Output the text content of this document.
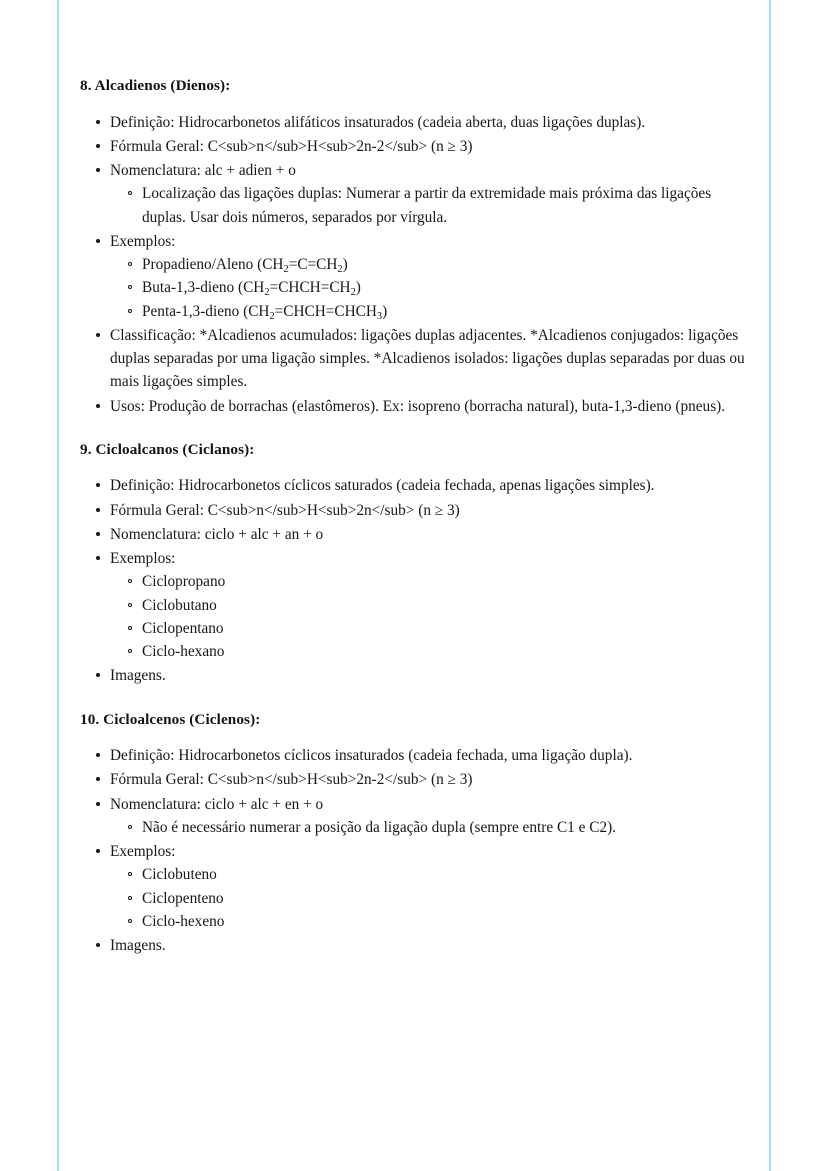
8. Alcadienos (Dienos):
Definição: Hidrocarbonetos alifáticos insaturados (cadeia aberta, duas ligações duplas).
Fórmula Geral: C<sub>n</sub>H<sub>2n-2</sub> (n ≥ 3)
Nomenclatura: alc + adien + o
Localização das ligações duplas: Numerar a partir da extremidade mais próxima das ligações duplas. Usar dois números, separados por vírgula.
Exemplos:
Propadieno/Aleno $(CH_2=C=CH_2)$
Buta-1,3-dieno $(CH_2=CHCH=CH_2)$
Penta-1,3-dieno $(CH_2=CHCH=CHCH_3)$
Classificação: *Alcadienos acumulados: ligações duplas adjacentes. *Alcadienos conjugados: ligações duplas separadas por uma ligação simples. *Alcadienos isolados: ligações duplas separadas por duas ou mais ligações simples.
Usos: Produção de borrachas (elastômeros). Ex: isopreno (borracha natural), buta-1,3-dieno (pneus).
9. Cicloalcanos (Ciclanos):
Definição: Hidrocarbonetos cíclicos saturados (cadeia fechada, apenas ligações simples).
Fórmula Geral: C<sub>n</sub>H<sub>2n</sub> (n ≥ 3)
Nomenclatura: ciclo + alc + an + o
Exemplos:
Ciclopropano
Ciclobutano
Ciclopentano
Ciclo-hexano
Imagens.
10. Cicloalcenos (Ciclenos):
Definição: Hidrocarbonetos cíclicos insaturados (cadeia fechada, uma ligação dupla).
Fórmula Geral: C<sub>n</sub>H<sub>2n-2</sub> (n ≥ 3)
Nomenclatura: ciclo + alc + en + o
Não é necessário numerar a posição da ligação dupla (sempre entre C1 e C2).
Exemplos:
Ciclobuteno
Ciclopenteno
Ciclo-hexeno
Imagens.
